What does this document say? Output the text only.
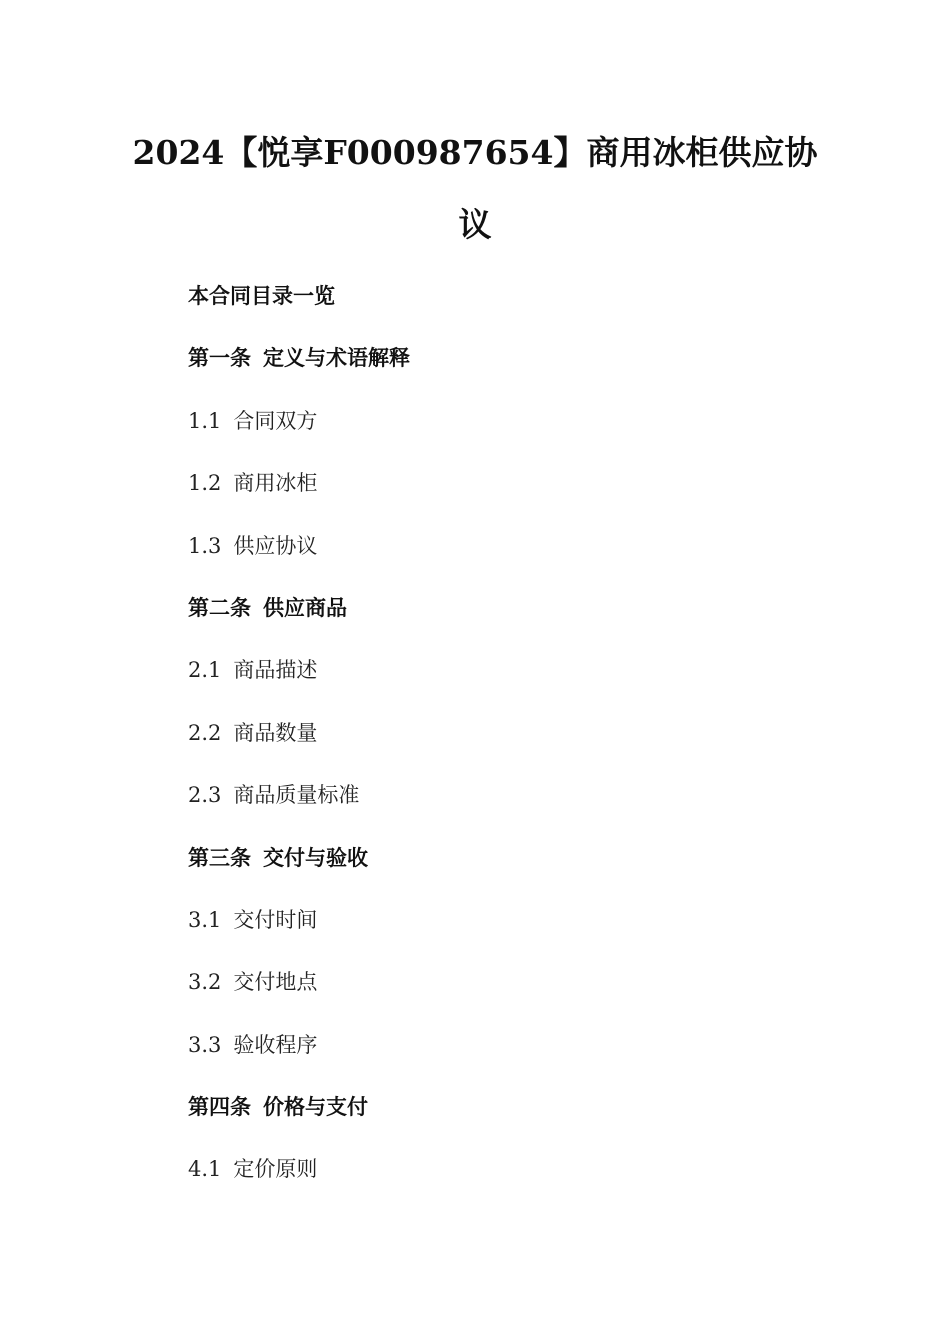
2024【悦享F000987654】商用冰柜供应协
议
本合同目录一览
第一条 定义与术语解释
1.1 合同双方
1.2 商用冰柜
1.3 供应协议
第二条 供应商品
2.1 商品描述
2.2 商品数量
2.3 商品质量标准
第三条 交付与验收
3.1 交付时间
3.2 交付地点
3.3 验收程序
第四条 价格与支付
4.1 定价原则
